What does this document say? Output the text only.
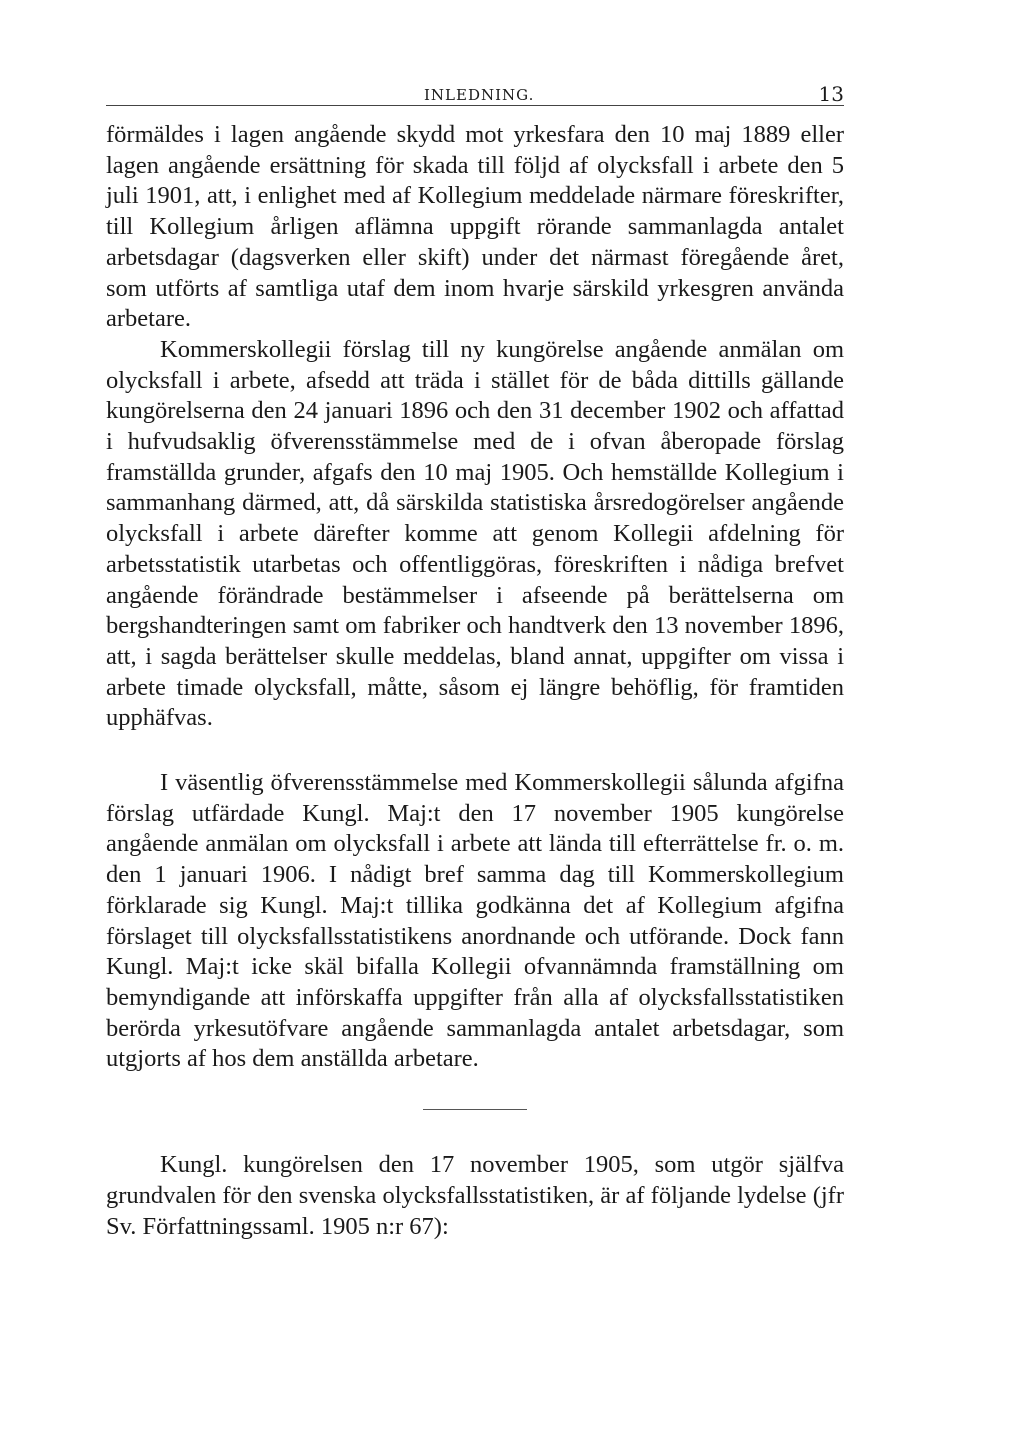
INLEDNING.	13

förmäldes i lagen angående skydd mot yrkesfara den 10 maj 1889 eller lagen angående ersättning för skada till följd af olycksfall i arbete den 5 juli 1901, att, i enlighet med af Kollegium meddelade närmare föreskrifter, till Kollegium årligen aflämna uppgift rörande sammanlagda antalet arbetsdagar (dagsverken eller skift) under det närmast föregående året, som utförts af samtliga utaf dem inom hvarje särskild yrkesgren använda arbetare.

Kommerskollegii förslag till ny kungörelse angående anmälan om olycksfall i arbete, afsedd att träda i stället för de båda dittills gällande kungörelserna den 24 januari 1896 och den 31 december 1902 och affattad i hufvudsaklig öfverensstämmelse med de i ofvan åberopade förslag framställda grunder, afgafs den 10 maj 1905. Och hemställde Kollegium i sammanhang därmed, att, då särskilda statistiska årsredogörelser angående olycksfall i arbete därefter komme att genom Kollegii afdelning för arbetsstatistik utarbetas och offentliggöras, föreskriften i nådiga brefvet angående förändrade bestämmelser i afseende på berättelserna om bergshandteringen samt om fabriker och handtverk den 13 november 1896, att, i sagda berättelser skulle meddelas, bland annat, uppgifter om vissa i arbete timade olycksfall, måtte, såsom ej längre behöflig, för framtiden upphäfvas.

I väsentlig öfverensstämmelse med Kommerskollegii sålunda afgifna förslag utfärdade Kungl. Maj:t den 17 november 1905 kungörelse angående anmälan om olycksfall i arbete att lända till efterrättelse fr. o. m. den 1 januari 1906. I nådigt bref samma dag till Kommerskollegium förklarade sig Kungl. Maj:t tillika godkänna det af Kollegium afgifna förslaget till olycksfallsstatistikens anordnande och utförande. Dock fann Kungl. Maj:t icke skäl bifalla Kollegii ofvannämnda framställning om bemyndigande att införskaffa uppgifter från alla af olycksfallsstatistiken berörda yrkesutöfvare angående sammanlagda antalet arbetsdagar, som utgjorts af hos dem anställda arbetare.

Kungl. kungörelsen den 17 november 1905, som utgör själfva grundvalen för den svenska olycksfallsstatistiken, är af följande lydelse (jfr Sv. Författningssaml. 1905 n:r 67):
